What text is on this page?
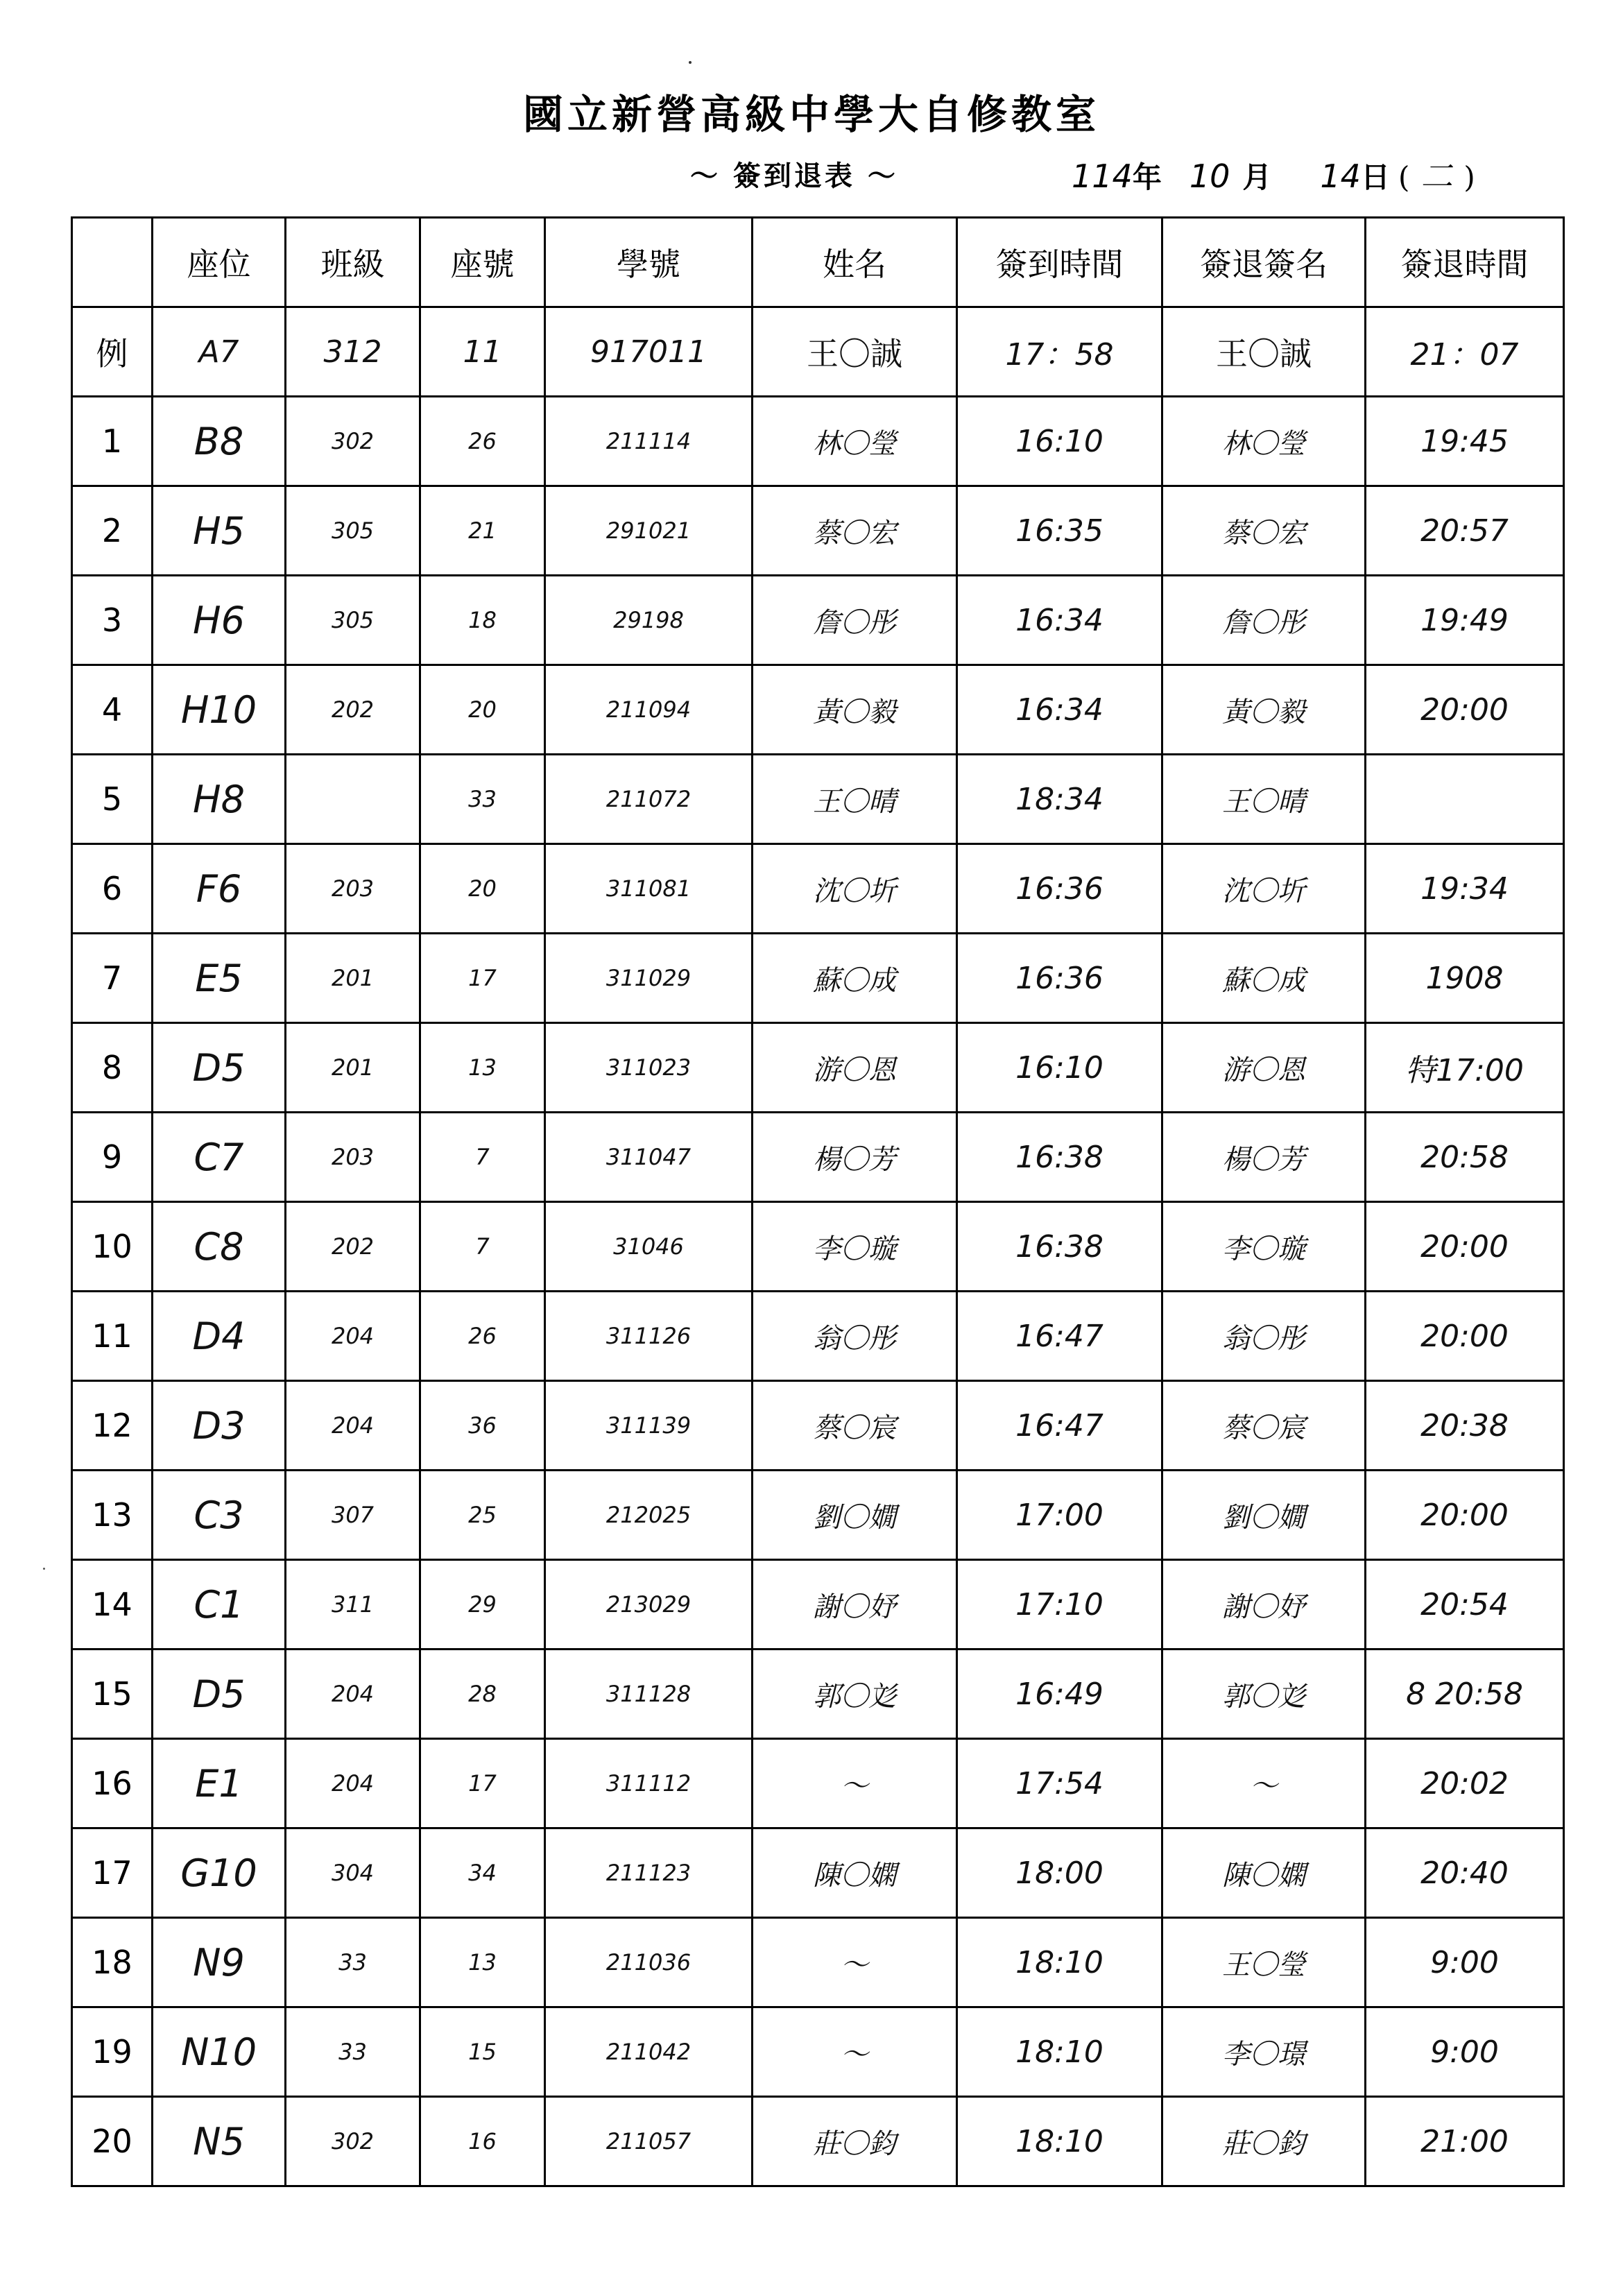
國立新營高級中學大自修教室
～ 簽到退表 ～	114 年 10 月 14 日 ( 二 )
	座位	班級	座號	學號	姓名	簽到時間	簽退簽名	簽退時間
例	A7	312	11	917011	王〇誠	17：58	王〇誠	21：07
1	B8	302	26	211114	林〇瑩	16:10	林〇瑩	19:45
2	H5	305	21	291021	蔡〇宏	16:35	蔡〇宏	20:57
3	H6	305	18	29198	詹〇彤	16:34	詹〇彤	19:49
4	H10	202	20	211094	黃〇毅	16:34	黃〇毅	20:00
5	H8		33	211072	王〇晴	18:34	王〇晴	
6	F6	203	20	311081	沈〇圻	16:36	沈〇圻	19:34
7	E5	201	17	311029	蘇〇成	16:36	蘇〇成	1908
8	D5	201	13	311023	游〇恩	16:10	游〇恩	特17:00
9	C7	203	7	311047	楊〇芳	16:38	楊〇芳	20:58
10	C8	202	7	31046	李〇璇	16:38	李〇璇	20:00
11	D4	204	26	311126	翁〇彤	16:47	翁〇彤	20:00
12	D3	204	36	311139	蔡〇宸	16:47	蔡〇宸	20:38
13	C3	307	25	212025	劉〇嫺	17:00	劉〇嫺	20:00
14	C1	311	29	213029	謝〇妤	17:10	謝〇妤	20:54
15	D5	204	28	311128	郭〇彣	16:49	郭〇彣	8 20:58
16	E1	204	17	311112	〜	17:54	〜	20:02
17	G10	304	34	211123	陳〇嫻	18:00	陳〇嫻	20:40
18	N9	33	13	211036	〜	18:10	王〇瑩	9:00
19	N10	33	15	211042	〜	18:10	李〇璟	9:00
20	N5	302	16	211057	莊〇鈞	18:10	莊〇鈞	21:00
